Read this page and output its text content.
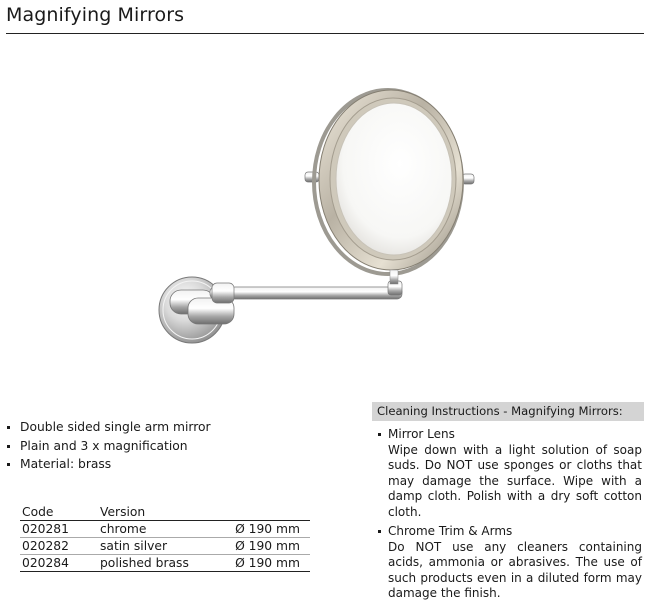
Magnifying Mirrors
Double sided single arm mirror
Plain and 3 x magnification
Material: brass
Code	Version	
020281	chrome	Ø 190 mm
020282	satin silver	Ø 190 mm
020284	polished brass	Ø 190 mm
Cleaning Instructions - Magnifying Mirrors:
Mirror Lens
Wipe down with a light solution of soap suds. Do NOT use sponges or cloths that may damage the surface. Wipe with a damp cloth. Polish with a dry soft cotton cloth.
Chrome Trim & Arms
Do NOT use any cleaners containing acids, ammonia or abrasives. The use of such products even in a diluted form may damage the finish.
